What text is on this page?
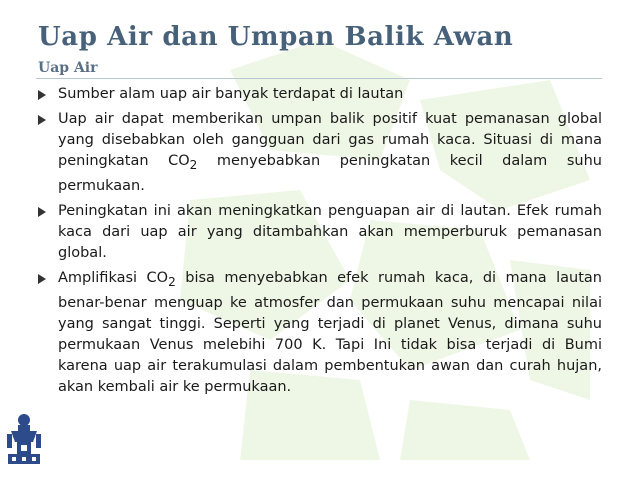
Uap Air dan Umpan Balik Awan
Uap Air
Sumber alam uap air banyak terdapat di lautan
Uap air dapat memberikan umpan balik positif kuat pemanasan global yang disebabkan oleh gangguan dari gas rumah kaca. Situasi di mana peningkatan $CO_2$ menyebabkan peningkatan kecil dalam suhu permukaan.
Peningkatan ini akan meningkatkan penguapan air di lautan. Efek rumah kaca dari uap air yang ditambahkan akan memperburuk pemanasan global.
Amplifikasi $CO_2$ bisa menyebabkan efek rumah kaca, di mana lautan benar-benar menguap ke atmosfer dan permukaan suhu mencapai nilai yang sangat tinggi. Seperti yang terjadi di planet Venus, dimana suhu permukaan Venus melebihi 700 K. Tapi Ini tidak bisa terjadi di Bumi karena uap air terakumulasi dalam pembentukan awan dan curah hujan, akan kembali air ke permukaan.
